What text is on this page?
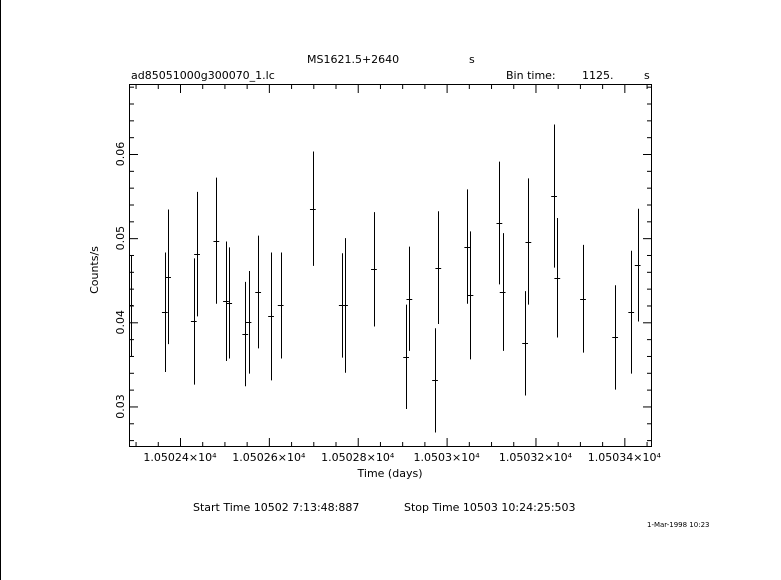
MS1621.5+2640	s
ad85051000g300070_1.lc	Bin time: 1125.	s
1.05024×10⁴ 1.05026×10⁴ 1.05028×10⁴ 1.0503×10⁴ 1.05032×10⁴ 1.05034×10⁴
0.03
0.04
0.05
0.06
Time (days)
Counts/s
Start Time 10502 7:13:48:887	Stop Time 10503 10:24:25:503
1-Mar-1998 10:23
